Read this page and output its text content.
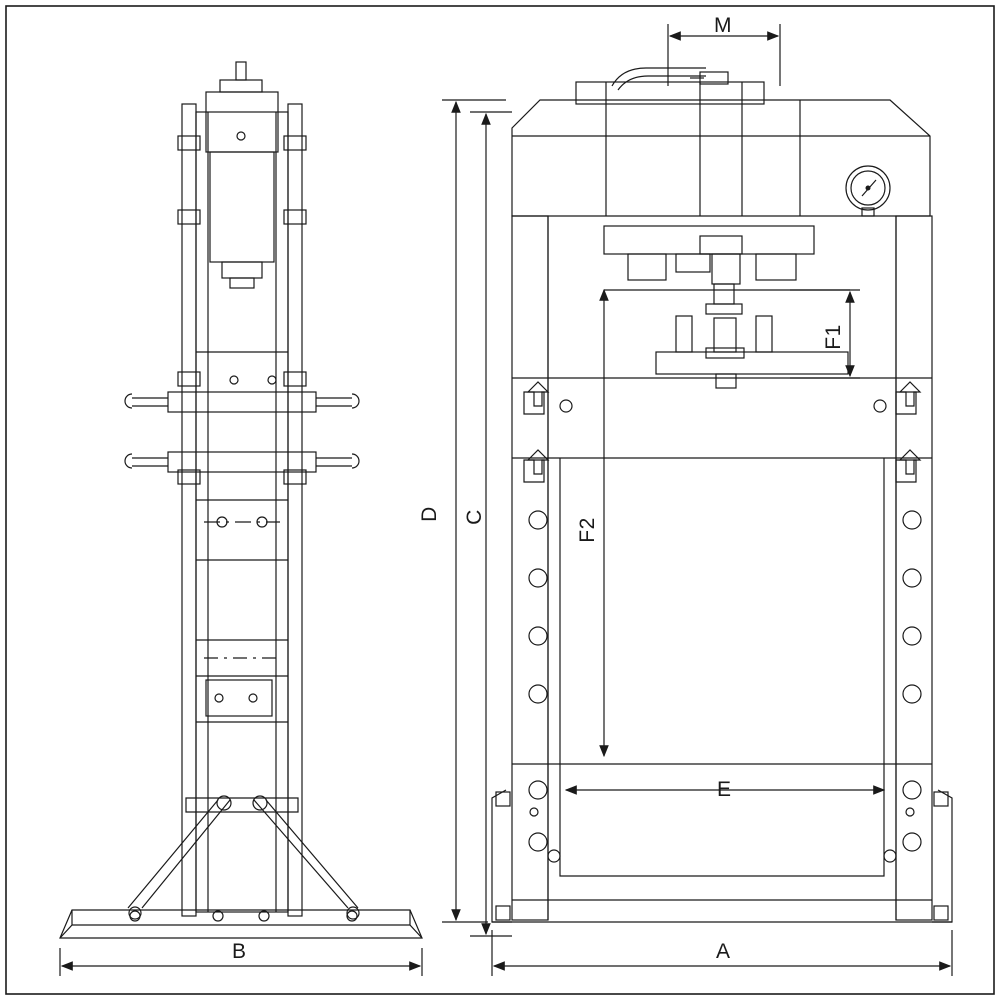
M
B	A
D C
F1
F2
E
